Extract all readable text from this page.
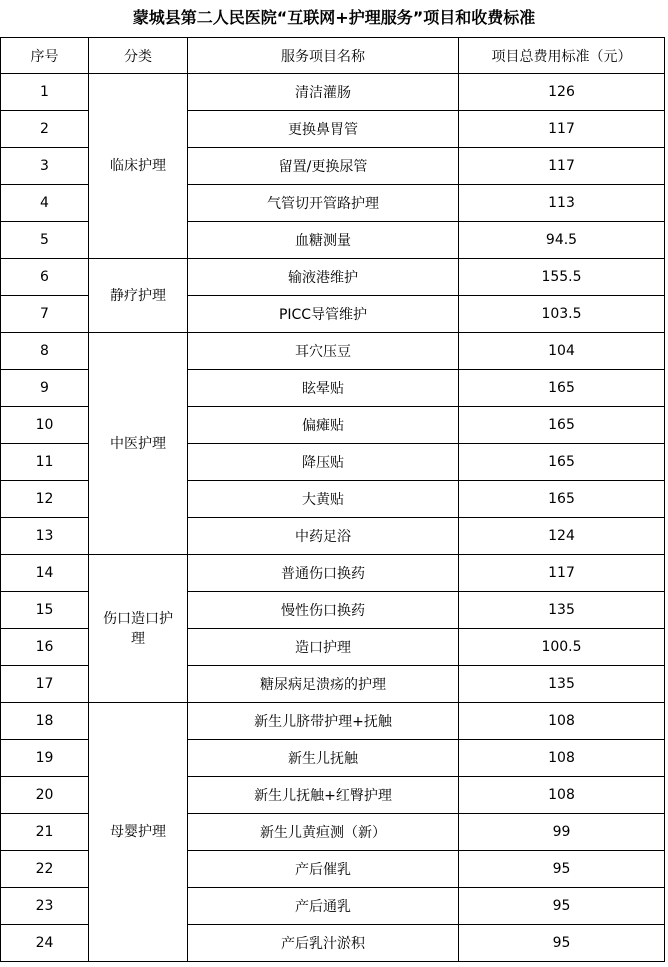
蒙城县第二人民医院“互联网+护理服务”项目和收费标准
序号	分类	服务项目名称	项目总费用标准（元）
1	临床护理	清洁灌肠	126
2		更换鼻胃管	117
3		留置/更换尿管	117
4		气管切开管路护理	113
5		血糖测量	94.5
6	静疗护理	输液港维护	155.5
7		PICC导管维护	103.5
8	中医护理	耳穴压豆	104
9		眩晕贴	165
10		偏瘫贴	165
11		降压贴	165
12		大黄贴	165
13		中药足浴	124
14	伤口造口护理	普通伤口换药	117
15		慢性伤口换药	135
16		造口护理	100.5
17		糖尿病足溃疡的护理	135
18	母婴护理	新生儿脐带护理+抚触	108
19		新生儿抚触	108
20		新生儿抚触+红臀护理	108
21		新生儿黄疸测（新）	99
22		产后催乳	95
23		产后通乳	95
24		产后乳汁淤积	95
